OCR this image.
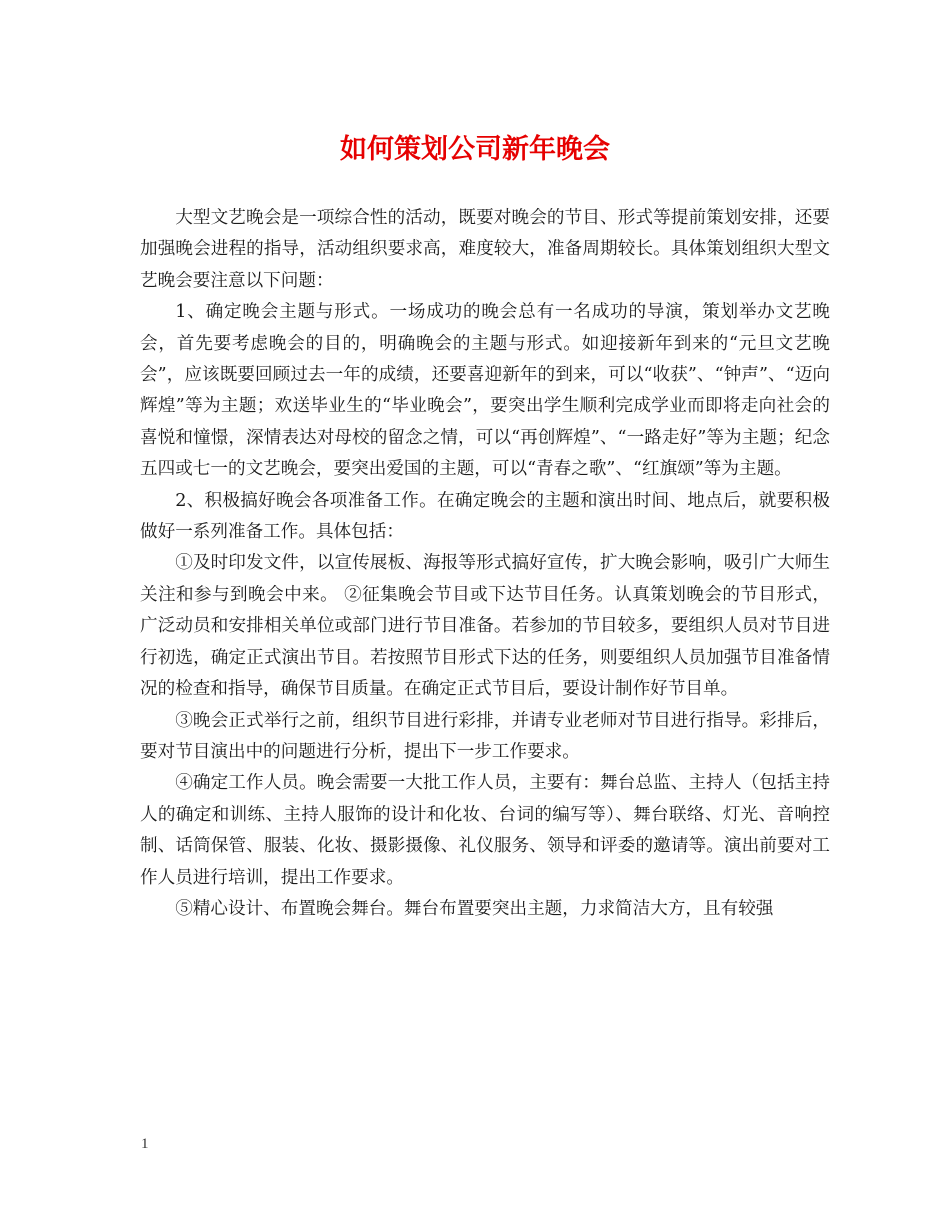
如何策划公司新年晚会

大型文艺晚会是一项综合性的活动，既要对晚会的节目、形式等提前策划安排，还要加强晚会进程的指导，活动组织要求高，难度较大，准备周期较长。具体策划组织大型文艺晚会要注意以下问题：

1、确定晚会主题与形式。一场成功的晚会总有一名成功的导演，策划举办文艺晚会，首先要考虑晚会的目的，明确晚会的主题与形式。如迎接新年到来的“元旦文艺晚会”，应该既要回顾过去一年的成绩，还要喜迎新年的到来，可以“收获”、“钟声”、“迈向辉煌”等为主题；欢送毕业生的“毕业晚会”，要突出学生顺利完成学业而即将走向社会的喜悦和憧憬，深情表达对母校的留念之情，可以“再创辉煌”、“一路走好”等为主题；纪念五四或七一的文艺晚会，要突出爱国的主题，可以“青春之歌”、“红旗颂”等为主题。

2、积极搞好晚会各项准备工作。在确定晚会的主题和演出时间、地点后，就要积极做好一系列准备工作。具体包括：

①及时印发文件，以宣传展板、海报等形式搞好宣传，扩大晚会影响，吸引广大师生关注和参与到晚会中来。 ②征集晚会节目或下达节目任务。认真策划晚会的节目形式，广泛动员和安排相关单位或部门进行节目准备。若参加的节目较多，要组织人员对节目进行初选，确定正式演出节目。若按照节目形式下达的任务，则要组织人员加强节目准备情况的检查和指导，确保节目质量。在确定正式节目后，要设计制作好节目单。

③晚会正式举行之前，组织节目进行彩排，并请专业老师对节目进行指导。彩排后，要对节目演出中的问题进行分析，提出下一步工作要求。

④确定工作人员。晚会需要一大批工作人员，主要有：舞台总监、主持人（包括主持人的确定和训练、主持人服饰的设计和化妆、台词的编写等）、舞台联络、灯光、音响控制、话筒保管、服装、化妆、摄影摄像、礼仪服务、领导和评委的邀请等。演出前要对工作人员进行培训，提出工作要求。

⑤精心设计、布置晚会舞台。舞台布置要突出主题，力求简洁大方，且有较强

1
